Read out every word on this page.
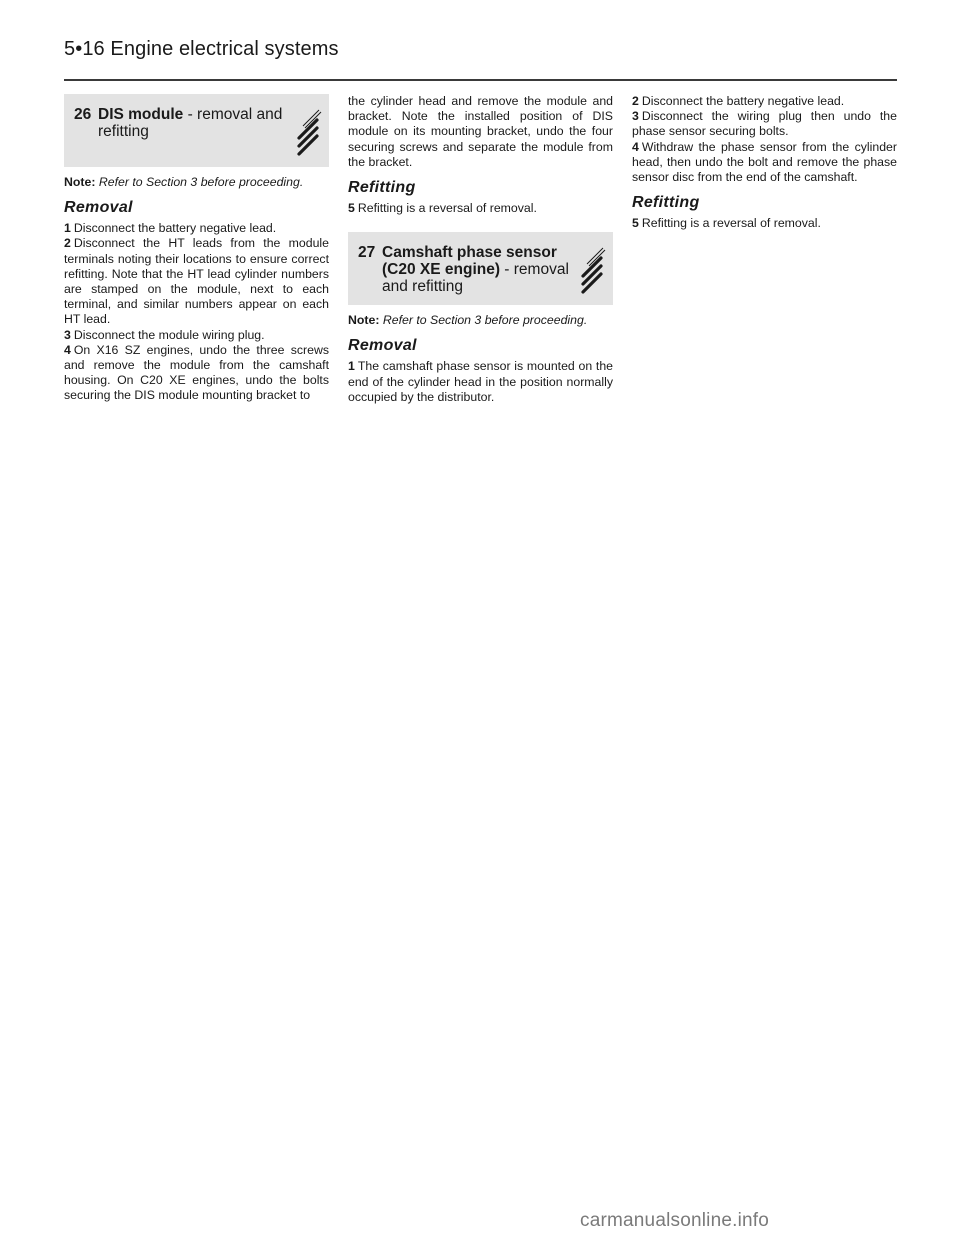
5•16 Engine electrical systems
26 DIS module - removal and refitting

Note: Refer to Section 3 before proceeding.

Removal

1 Disconnect the battery negative lead.

2 Disconnect the HT leads from the module terminals noting their locations to ensure correct refitting. Note that the HT lead cylinder numbers are stamped on the module, next to each terminal, and similar numbers appear on each HT lead.

3 Disconnect the module wiring plug.

4 On X16 SZ engines, undo the three screws and remove the module from the camshaft housing. On C20 XE engines, undo the bolts securing the DIS module mounting bracket to

the cylinder head and remove the module and bracket. Note the installed position of DIS module on its mounting bracket, undo the four securing screws and separate the module from the bracket.

Refitting

5 Refitting is a reversal of removal.

27 Camshaft phase sensor (C20 XE engine) - removal and refitting

Note: Refer to Section 3 before proceeding.

Removal

1 The camshaft phase sensor is mounted on the end of the cylinder head in the position normally occupied by the distributor.

2 Disconnect the battery negative lead.

3 Disconnect the wiring plug then undo the phase sensor securing bolts.

4 Withdraw the phase sensor from the cylinder head, then undo the bolt and remove the phase sensor disc from the end of the camshaft.

Refitting

5 Refitting is a reversal of removal.

carmanualsonline.info
